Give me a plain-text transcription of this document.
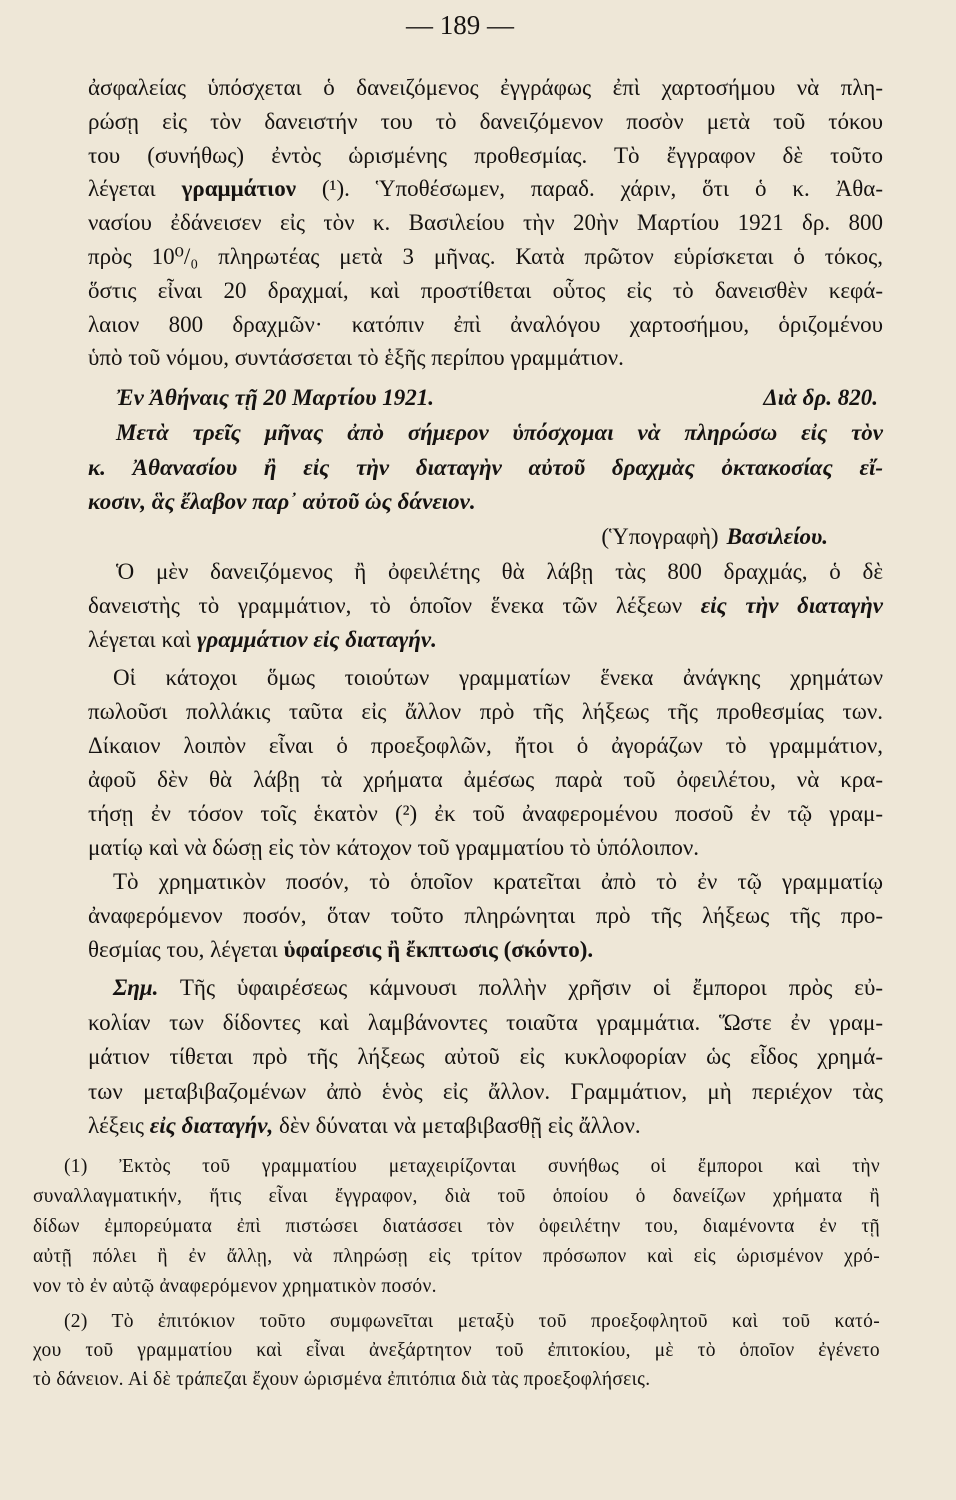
— 189 —
ἀσφαλείας ὑπόσχεται ὁ δανειζόμενος ἐγγράφως ἐπὶ χαρτοσήμου νὰ πλη-
ρώσῃ εἰς τὸν δανειστήν του τὸ δανειζόμενον ποσὸν μετὰ τοῦ τόκου
του (συνήθως) ἐντὸς ὡρισμένης προθεσμίας. Τὸ ἔγγραφον δὲ τοῦτο
λέγεται γραμμάτιον (¹). Ὑποθέσωμεν, παραδ. χάριν, ὅτι ὁ κ. Ἀθα-
νασίου ἐδάνεισεν εἰς τὸν κ. Βασιλείου τὴν 20ὴν Μαρτίου 1921 δρ. 800
πρὸς 10⁰/₀ πληρωτέας μετὰ 3 μῆνας. Κατὰ πρῶτον εὑρίσκεται ὁ τόκος,
ὅστις εἶναι 20 δραχμαί, καὶ προστίθεται οὗτος εἰς τὸ δανεισθὲν κεφά-
λαιον 800 δραχμῶν· κατόπιν ἐπὶ ἀναλόγου χαρτοσήμου, ὁριζομένου
ὑπὸ τοῦ νόμου, συντάσσεται τὸ ἑξῆς περίπου γραμμάτιον.
Ἐν Ἀθήναις τῇ 20 Μαρτίου 1921.	Διὰ δρ. 820.
Μετὰ τρεῖς μῆνας ἀπὸ σήμερον ὑπόσχομαι νὰ πληρώσω εἰς τὸν
κ. Ἀθανασίου ἢ εἰς τὴν διαταγὴν αὐτοῦ δραχμὰς ὀκτακοσίας εἴ-
κοσιν, ἃς ἔλαβον παρ᾽ αὐτοῦ ὡς δάνειον.
(Ὑπογραφὴ) Βασιλείου.
Ὁ μὲν δανειζόμενος ἢ ὀφειλέτης θὰ λάβῃ τὰς 800 δραχμάς, ὁ δὲ
δανειστὴς τὸ γραμμάτιον, τὸ ὁποῖον ἕνεκα τῶν λέξεων εἰς τὴν διαταγὴν
λέγεται καὶ γραμμάτιον εἰς διαταγήν.
Οἱ κάτοχοι ὅμως τοιούτων γραμματίων ἕνεκα ἀνάγκης χρημάτων
πωλοῦσι πολλάκις ταῦτα εἰς ἄλλον πρὸ τῆς λήξεως τῆς προθεσμίας των.
Δίκαιον λοιπὸν εἶναι ὁ προεξοφλῶν, ἤτοι ὁ ἀγοράζων τὸ γραμμάτιον,
ἀφοῦ δὲν θὰ λάβῃ τὰ χρήματα ἀμέσως παρὰ τοῦ ὀφειλέτου, νὰ κρα-
τήσῃ ἐν τόσον τοῖς ἑκατὸν (²) ἐκ τοῦ ἀναφερομένου ποσοῦ ἐν τῷ γραμ-
ματίῳ καὶ νὰ δώσῃ εἰς τὸν κάτοχον τοῦ γραμματίου τὸ ὑπόλοιπον.
Τὸ χρηματικὸν ποσόν, τὸ ὁποῖον κρατεῖται ἀπὸ τὸ ἐν τῷ γραμματίῳ
ἀναφερόμενον ποσόν, ὅταν τοῦτο πληρώνηται πρὸ τῆς λήξεως τῆς προ-
θεσμίας του, λέγεται ὑφαίρεσις ἢ ἔκπτωσις (σκόντο).
Σημ. Τῆς ὑφαιρέσεως κάμνουσι πολλὴν χρῆσιν οἱ ἔμποροι πρὸς εὐ-
κολίαν των δίδοντες καὶ λαμβάνοντες τοιαῦτα γραμμάτια. Ὥστε ἐν γραμ-
μάτιον τίθεται πρὸ τῆς λήξεως αὐτοῦ εἰς κυκλοφορίαν ὡς εἶδος χρημά-
των μεταβιβαζομένων ἀπὸ ἑνὸς εἰς ἄλλον. Γραμμάτιον, μὴ περιέχον τὰς
λέξεις εἰς διαταγήν, δὲν δύναται νὰ μεταβιβασθῇ εἰς ἄλλον.
(1) Ἐκτὸς τοῦ γραμματίου μεταχειρίζονται συνήθως οἱ ἔμποροι καὶ τὴν
συναλλαγματικήν, ἥτις εἶναι ἔγγραφον, διὰ τοῦ ὁποίου ὁ δανείζων χρήματα ἢ
δίδων ἐμπορεύματα ἐπὶ πιστώσει διατάσσει τὸν ὀφειλέτην του, διαμένοντα ἐν τῇ
αὐτῇ πόλει ἢ ἐν ἄλλῃ, νὰ πληρώσῃ εἰς τρίτον πρόσωπον καὶ εἰς ὡρισμένον χρό-
νον τὸ ἐν αὐτῷ ἀναφερόμενον χρηματικὸν ποσόν.
(2) Τὸ ἐπιτόκιον τοῦτο συμφωνεῖται μεταξὺ τοῦ προεξοφλητοῦ καὶ τοῦ κατό-
χου τοῦ γραμματίου καὶ εἶναι ἀνεξάρτητον τοῦ ἐπιτοκίου, μὲ τὸ ὁποῖον ἐγένετο
τὸ δάνειον. Αἱ δὲ τράπεζαι ἔχουν ὡρισμένα ἐπιτόπια διὰ τὰς προεξοφλήσεις.
